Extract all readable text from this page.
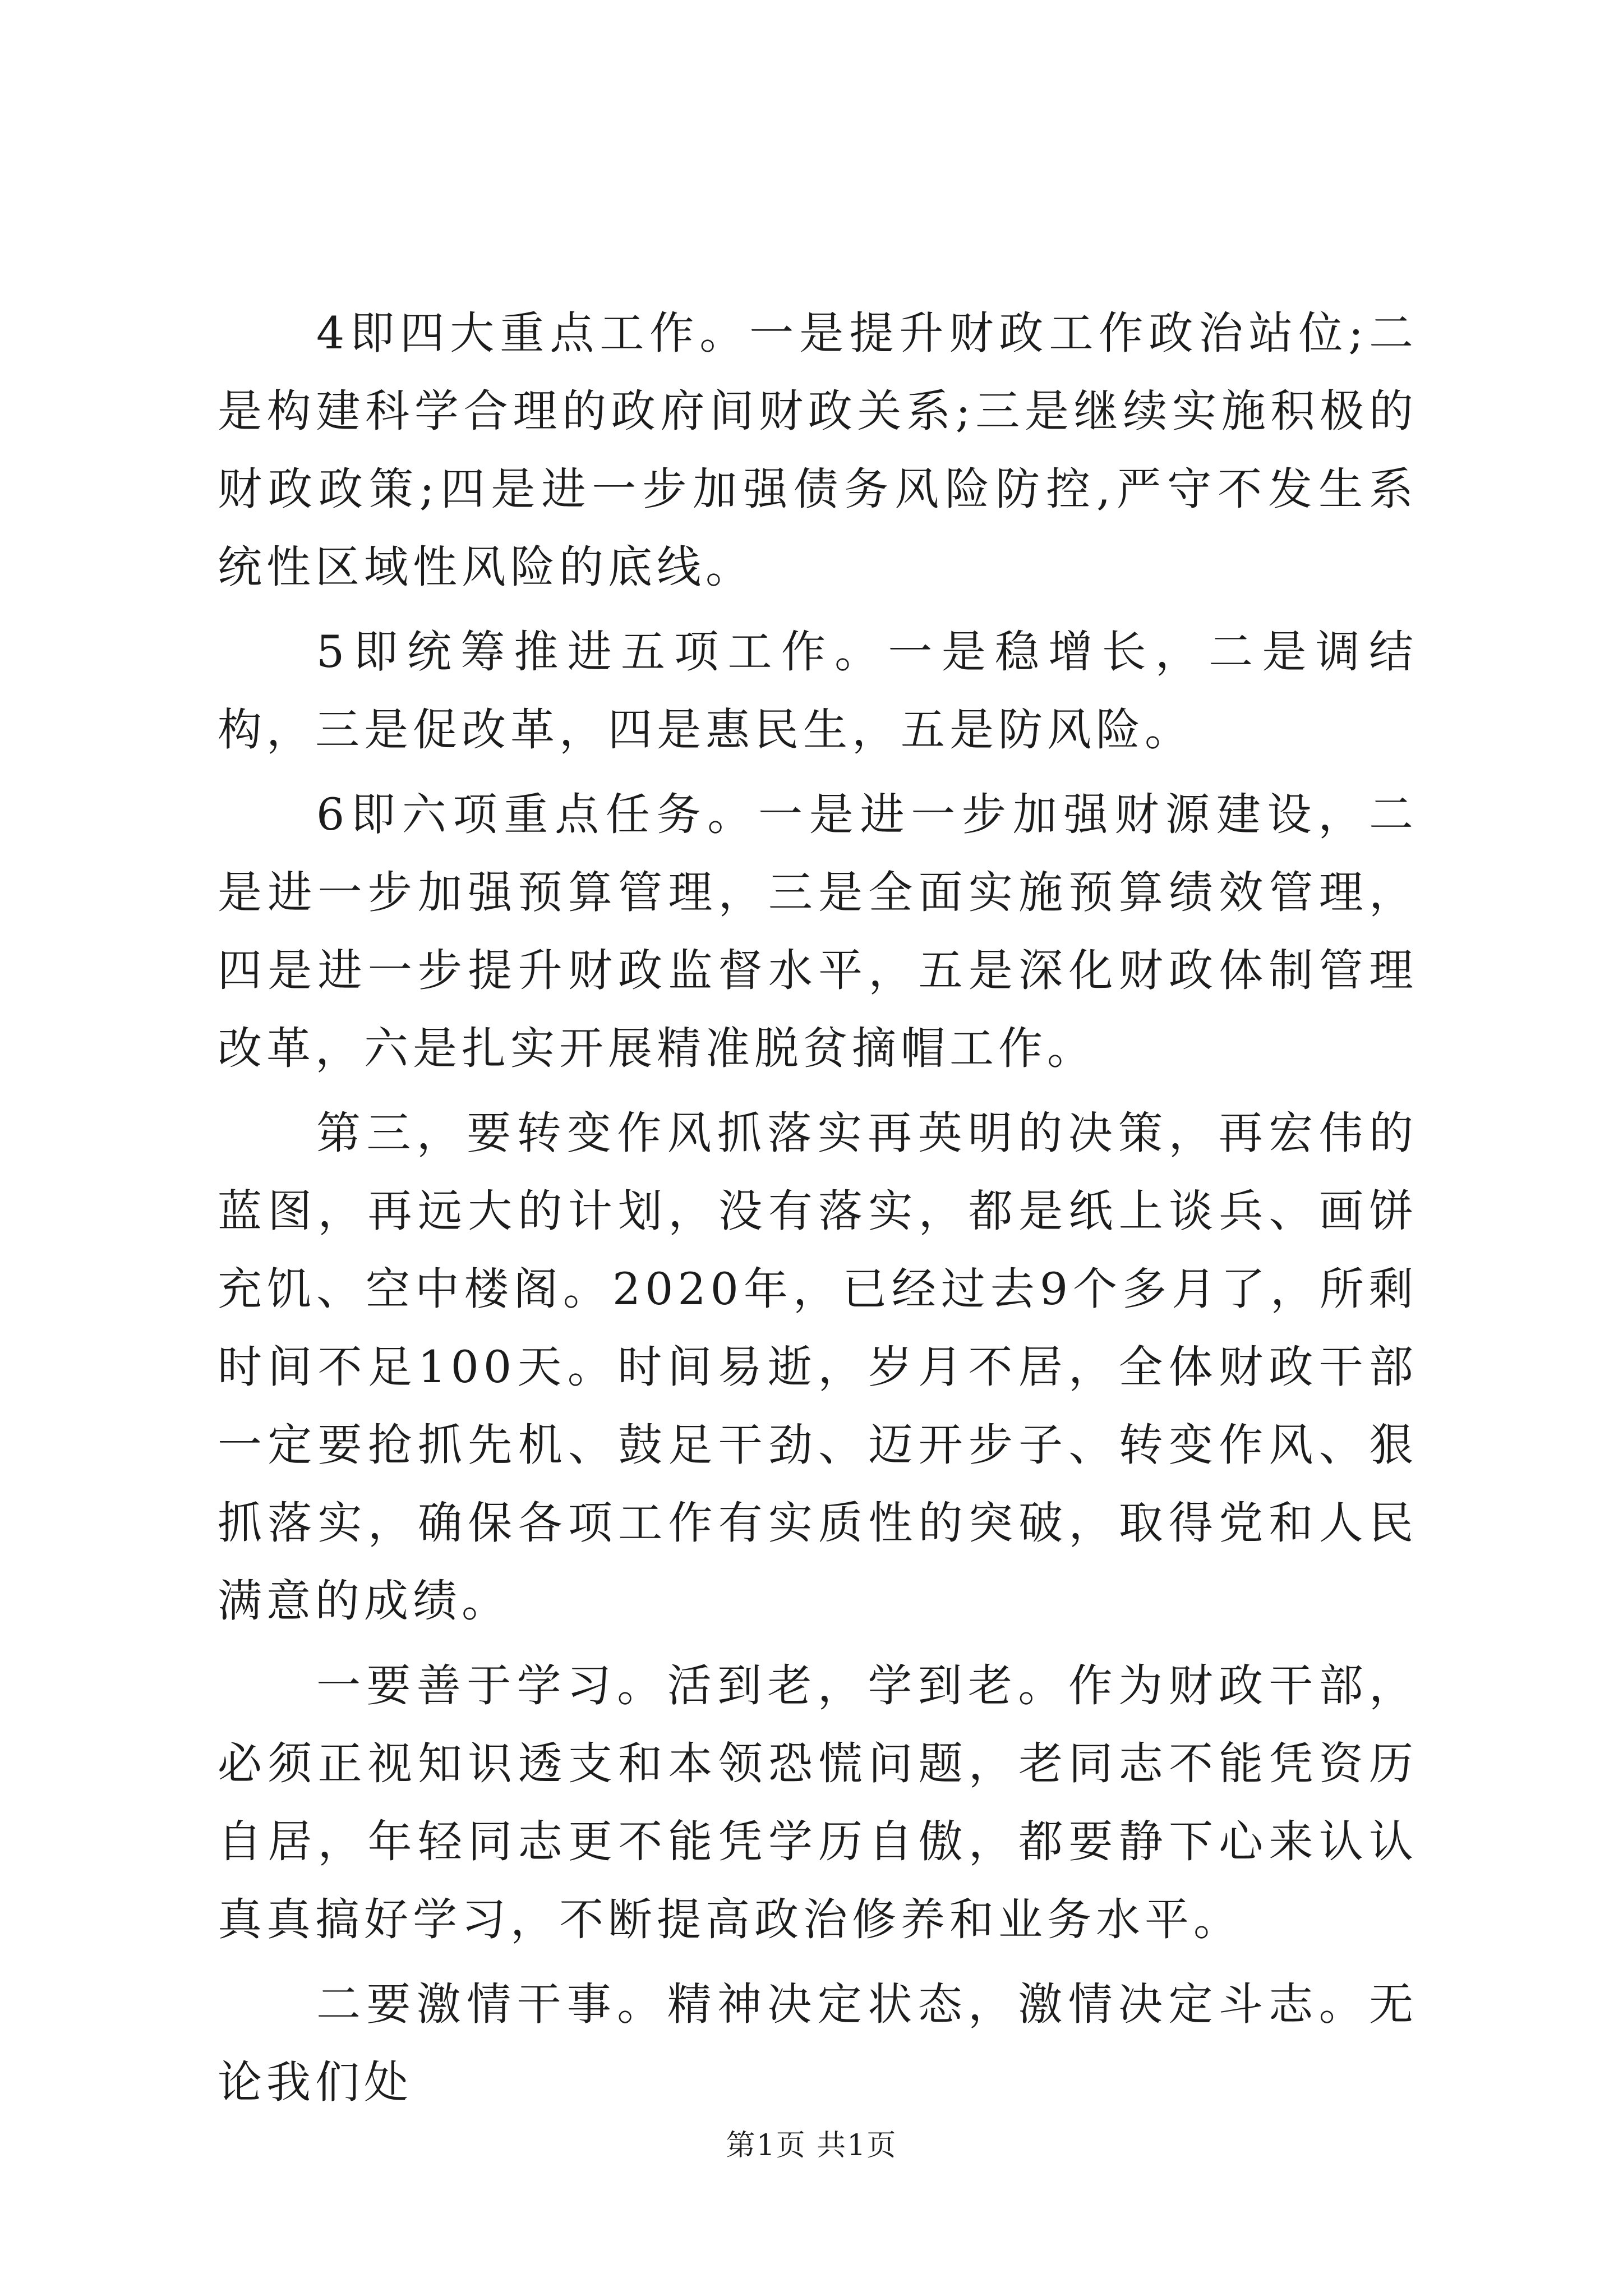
4即四大重点工作。一是提升财政工作政治站位;二是构建科学合理的政府间财政关系;三是继续实施积极的财政政策;四是进一步加强债务风险防控,严守不发生系统性区域性风险的底线。

5即统筹推进五项工作。一是稳增长，二是调结构，三是促改革，四是惠民生，五是防风险。

6即六项重点任务。一是进一步加强财源建设，二是进一步加强预算管理，三是全面实施预算绩效管理，四是进一步提升财政监督水平，五是深化财政体制管理改革，六是扎实开展精准脱贫摘帽工作。

第三，要转变作风抓落实再英明的决策，再宏伟的蓝图，再远大的计划，没有落实，都是纸上谈兵、画饼充饥、空中楼阁。2020年，已经过去9个多月了，所剩时间不足100天。时间易逝，岁月不居，全体财政干部一定要抢抓先机、鼓足干劲、迈开步子、转变作风、狠抓落实，确保各项工作有实质性的突破，取得党和人民满意的成绩。

一要善于学习。活到老，学到老。作为财政干部，必须正视知识透支和本领恐慌问题，老同志不能凭资历自居，年轻同志更不能凭学历自傲，都要静下心来认认真真搞好学习，不断提高政治修养和业务水平。

二要激情干事。精神决定状态，激情决定斗志。无论我们处

第1页 共1页
